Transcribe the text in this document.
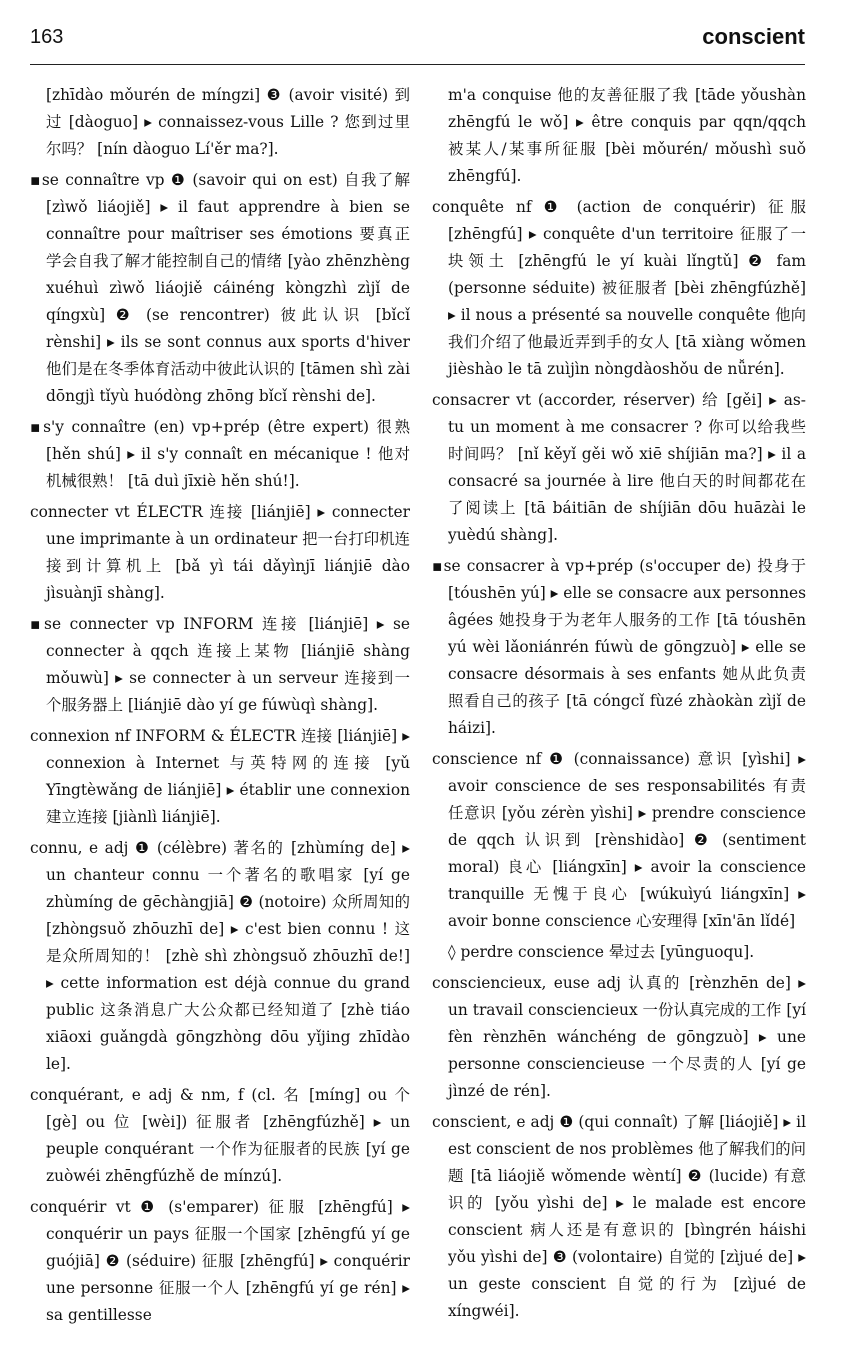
163	conscient

[zhīdào mǒurén de míngzi] ❸ (avoir visité) 到过 [dàoguo] ▸ connaissez-vous Lille ? 您到过里尔吗？ [nín dàoguo Lí'ěr ma?].

▪se connaître vp ❶ (savoir qui on est) 自我了解 [zìwǒ liáojiě] ▸ il faut apprendre à bien se connaître pour maîtriser ses émotions 要真正学会自我了解才能控制自己的情绪 [yào zhēnzhèng xuéhuì zìwǒ liáojiě cáinéng kòngzhì zìjǐ de qíngxù] ❷ (se rencontrer) 彼此认识 [bǐcǐ rènshi] ▸ ils se sont connus aux sports d'hiver 他们是在冬季体育活动中彼此认识的 [tāmen shì zài dōngjì tǐyù huódòng zhōng bǐcǐ rènshi de].

▪s'y connaître (en) vp+prép (être expert) 很熟 [hěn shú] ▸ il s'y connaît en mécanique ! 他对机械很熟！ [tā duì jīxiè hěn shú!].

connecter vt ÉLECTR 连接 [liánjiē] ▸ connecter une imprimante à un ordinateur 把一台打印机连接到计算机上 [bǎ yì tái dǎyìnjī liánjiē dào jìsuànjī shàng].

▪se connecter vp INFORM 连接 [liánjiē] ▸ se connecter à qqch 连接上某物 [liánjiē shàng mǒuwù] ▸ se connecter à un serveur 连接到一个服务器上 [liánjiē dào yí ge fúwùqì shàng].

connexion nf INFORM & ÉLECTR 连接 [liánjiē] ▸ connexion à Internet 与英特网的连接 [yǔ Yīngtèwǎng de liánjiē] ▸ établir une connexion 建立连接 [jiànlì liánjiē].

connu, e adj ❶ (célèbre) 著名的 [zhùmíng de] ▸ un chanteur connu 一个著名的歌唱家 [yí ge zhùmíng de gēchàngjiā] ❷ (notoire) 众所周知的 [zhòngsuǒ zhōuzhī de] ▸ c'est bien connu ! 这是众所周知的！ [zhè shì zhòngsuǒ zhōuzhī de!] ▸ cette information est déjà connue du grand public 这条消息广大公众都已经知道了 [zhè tiáo xiāoxi guǎngdà gōngzhòng dōu yǐjing zhīdào le].

conquérant, e adj & nm, f (cl. 名 [míng] ou 个 [gè] ou 位 [wèi]) 征服者 [zhēngfúzhě] ▸ un peuple conquérant 一个作为征服者的民族 [yí ge zuòwéi zhēngfúzhě de mínzú].

conquérir vt ❶ (s'emparer) 征服 [zhēngfú] ▸ conquérir un pays 征服一个国家 [zhēngfú yí ge guójiā] ❷ (séduire) 征服 [zhēngfú] ▸ conquérir une personne 征服一个人 [zhēngfú yí ge rén] ▸ sa gentillesse

m'a conquise 他的友善征服了我 [tāde yǒushàn zhēngfú le wǒ] ▸ être conquis par qqn/qqch 被某人/某事所征服 [bèi mǒurén/ mǒushì suǒ zhēngfú].

conquête nf ❶ (action de conquérir) 征服 [zhēngfú] ▸ conquête d'un territoire 征服了一块领土 [zhēngfú le yí kuài lǐngtǔ] ❷ fam (personne séduite) 被征服者 [bèi zhēngfúzhě] ▸ il nous a présenté sa nouvelle conquête 他向我们介绍了他最近弄到手的女人 [tā xiàng wǒmen jièshào le tā zuìjìn nòngdàoshǒu de nǚrén].

consacrer vt (accorder, réserver) 给 [gěi] ▸ as-tu un moment à me consacrer ? 你可以给我些时间吗？ [nǐ kěyǐ gěi wǒ xiē shíjiān ma?] ▸ il a consacré sa journée à lire 他白天的时间都花在了阅读上 [tā báitiān de shíjiān dōu huāzài le yuèdú shàng].

▪se consacrer à vp+prép (s'occuper de) 投身于 [tóushēn yú] ▸ elle se consacre aux personnes âgées 她投身于为老年人服务的工作 [tā tóushēn yú wèi lǎoniánrén fúwù de gōngzuò] ▸ elle se consacre désormais à ses enfants 她从此负责照看自己的孩子 [tā cóngcǐ fùzé zhàokàn zìjǐ de háizi].

conscience nf ❶ (connaissance) 意识 [yìshi] ▸ avoir conscience de ses responsabilités 有责任意识 [yǒu zérèn yìshi] ▸ prendre conscience de qqch 认识到 [rènshidào] ❷ (sentiment moral) 良心 [liángxīn] ▸ avoir la conscience tranquille 无愧于良心 [wúkuìyú liángxīn] ▸ avoir bonne conscience 心安理得 [xīn'ān lǐdé]

◊ perdre conscience 晕过去 [yūnguoqu].

consciencieux, euse adj 认真的 [rènzhēn de] ▸ un travail consciencieux 一份认真完成的工作 [yí fèn rènzhēn wánchéng de gōngzuò] ▸ une personne consciencieuse 一个尽责的人 [yí ge jìnzé de rén].

conscient, e adj ❶ (qui connaît) 了解 [liáojiě] ▸ il est conscient de nos problèmes 他了解我们的问题 [tā liáojiě wǒmende wèntí] ❷ (lucide) 有意识的 [yǒu yìshi de] ▸ le malade est encore conscient 病人还是有意识的 [bìngrén háishi yǒu yìshi de] ❸ (volontaire) 自觉的 [zìjué de] ▸ un geste conscient 自觉的行为 [zìjué de xíngwéi].
